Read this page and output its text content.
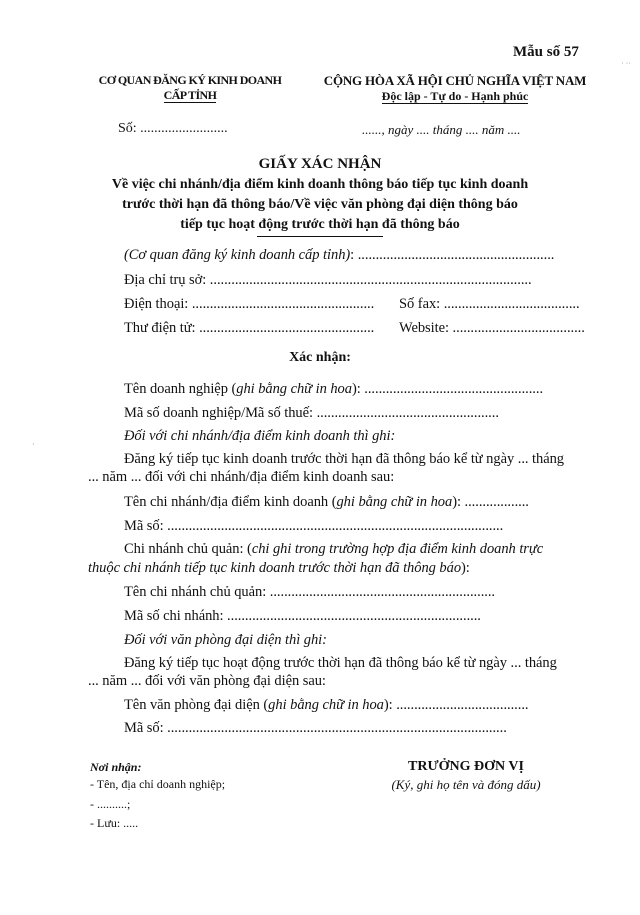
Mẫu số 57
˙ ˙˙
CƠ QUAN ĐĂNG KÝ KINH DOANH
CẤP TỈNH
CỘNG HÒA XÃ HỘI CHỦ NGHĨA VIỆT NAM
Độc lập - Tự do - Hạnh phúc
Số: .........................	......, ngày .... tháng .... năm ....
GIẤY XÁC NHẬN
Về việc chi nhánh/địa điểm kinh doanh thông báo tiếp tục kinh doanh
trước thời hạn đã thông báo/Về việc văn phòng đại diện thông báo
tiếp tục hoạt động trước thời hạn đã thông báo
(Cơ quan đăng ký kinh doanh cấp tỉnh): .......................................................
Địa chỉ trụ sở: ..........................................................................................
Điện thoại: ................................................... Số fax: ......................................
Thư điện tử: ................................................. Website: .....................................
Xác nhận:
Tên doanh nghiệp (ghi bằng chữ in hoa): ..................................................
Mã số doanh nghiệp/Mã số thuế: ...................................................
Đối với chi nhánh/địa điểm kinh doanh thì ghi:
Đăng ký tiếp tục kinh doanh trước thời hạn đã thông báo kể từ ngày ... tháng
... năm ... đối với chi nhánh/địa điểm kinh doanh sau:
Tên chi nhánh/địa điểm kinh doanh (ghi bằng chữ in hoa): ..................
Mã số: ..............................................................................................
Chi nhánh chủ quản: (chi ghi trong trường hợp địa điểm kinh doanh trực
thuộc chi nhánh tiếp tục kinh doanh trước thời hạn đã thông báo):
Tên chi nhánh chủ quản: ...............................................................
Mã số chi nhánh: .......................................................................
Đối với văn phòng đại diện thì ghi:
Đăng ký tiếp tục hoạt động trước thời hạn đã thông báo kể từ ngày ... tháng
... năm ... đối với văn phòng đại diện sau:
Tên văn phòng đại diện (ghi bằng chữ in hoa): .....................................
Mã số: ...............................................................................................
Nơi nhận:
- Tên, địa chỉ doanh nghiệp;
- ..........;
- Lưu: .....
TRƯỞNG ĐƠN VỊ
(Ký, ghi họ tên và đóng dấu)
·
